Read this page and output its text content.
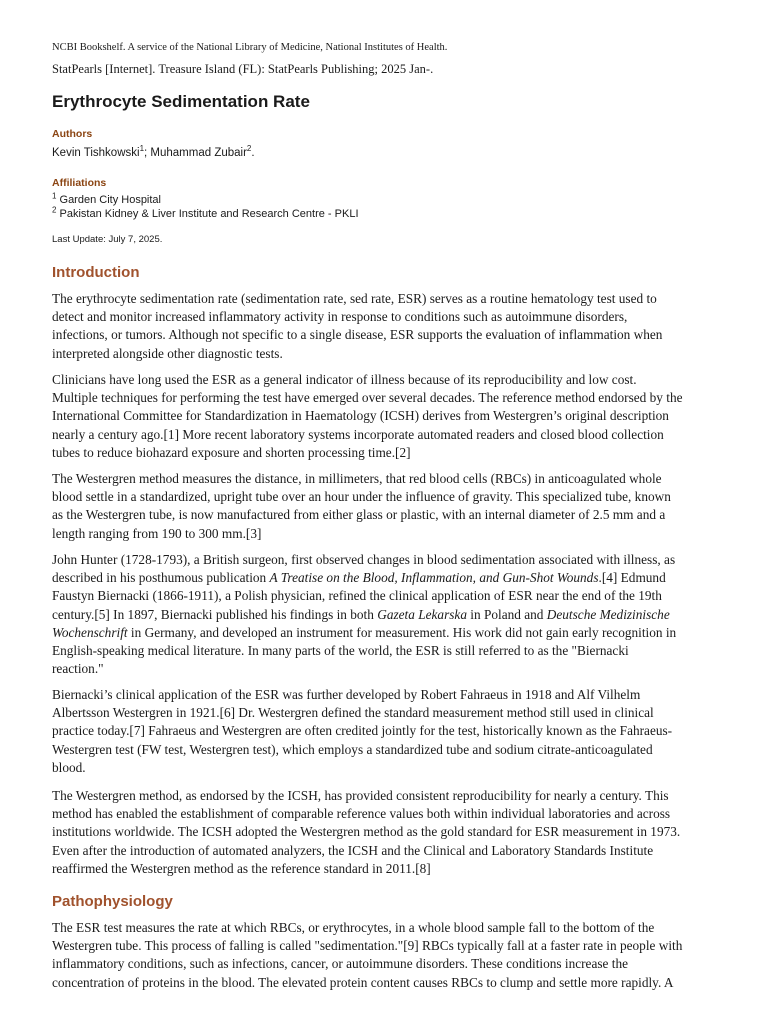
NCBI Bookshelf. A service of the National Library of Medicine, National Institutes of Health.
StatPearls [Internet]. Treasure Island (FL): StatPearls Publishing; 2025 Jan-.
Erythrocyte Sedimentation Rate
Authors
Kevin Tishkowski$^1$; Muhammad Zubair$^2$.
Affiliations
$^1$ Garden City Hospital
$^2$ Pakistan Kidney & Liver Institute and Research Centre - PKLI
Last Update: July 7, 2025.
Introduction
The erythrocyte sedimentation rate (sedimentation rate, sed rate, ESR) serves as a routine hematology test used to
detect and monitor increased inflammatory activity in response to conditions such as autoimmune disorders,
infections, or tumors. Although not specific to a single disease, ESR supports the evaluation of inflammation when
interpreted alongside other diagnostic tests.
Clinicians have long used the ESR as a general indicator of illness because of its reproducibility and low cost.
Multiple techniques for performing the test have emerged over several decades. The reference method endorsed by the
International Committee for Standardization in Haematology (ICSH) derives from Westergren’s original description
nearly a century ago.[1] More recent laboratory systems incorporate automated readers and closed blood collection
tubes to reduce biohazard exposure and shorten processing time.[2]
The Westergren method measures the distance, in millimeters, that red blood cells (RBCs) in anticoagulated whole
blood settle in a standardized, upright tube over an hour under the influence of gravity. This specialized tube, known
as the Westergren tube, is now manufactured from either glass or plastic, with an internal diameter of 2.5 mm and a
length ranging from 190 to 300 mm.[3]
John Hunter (1728-1793), a British surgeon, first observed changes in blood sedimentation associated with illness, as
described in his posthumous publication A Treatise on the Blood, Inflammation, and Gun-Shot Wounds.[4] Edmund
Faustyn Biernacki (1866-1911), a Polish physician, refined the clinical application of ESR near the end of the 19th
century.[5] In 1897, Biernacki published his findings in both Gazeta Lekarska in Poland and Deutsche Medizinische
Wochenschrift in Germany, and developed an instrument for measurement. His work did not gain early recognition in
English-speaking medical literature. In many parts of the world, the ESR is still referred to as the "Biernacki
reaction."
Biernacki’s clinical application of the ESR was further developed by Robert Fahraeus in 1918 and Alf Vilhelm
Albertsson Westergren in 1921.[6] Dr. Westergren defined the standard measurement method still used in clinical
practice today.[7] Fahraeus and Westergren are often credited jointly for the test, historically known as the Fahraeus-
Westergren test (FW test, Westergren test), which employs a standardized tube and sodium citrate-anticoagulated
blood.
The Westergren method, as endorsed by the ICSH, has provided consistent reproducibility for nearly a century. This
method has enabled the establishment of comparable reference values both within individual laboratories and across
institutions worldwide. The ICSH adopted the Westergren method as the gold standard for ESR measurement in 1973.
Even after the introduction of automated analyzers, the ICSH and the Clinical and Laboratory Standards Institute
reaffirmed the Westergren method as the reference standard in 2011.[8]
Pathophysiology
The ESR test measures the rate at which RBCs, or erythrocytes, in a whole blood sample fall to the bottom of the
Westergren tube. This process of falling is called "sedimentation."[9] RBCs typically fall at a faster rate in people with
inflammatory conditions, such as infections, cancer, or autoimmune disorders. These conditions increase the
concentration of proteins in the blood. The elevated protein content causes RBCs to clump and settle more rapidly. A
